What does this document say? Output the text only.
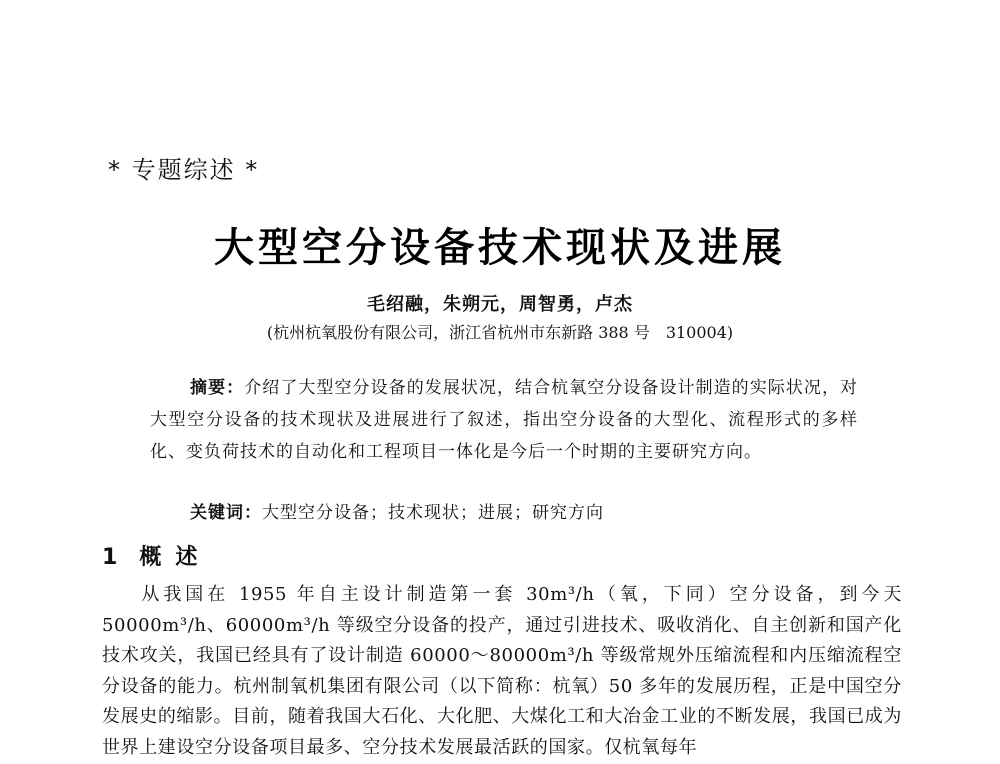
* 专题综述 *
大型空分设备技术现状及进展
毛绍融，朱朔元，周智勇，卢杰
(杭州杭氧股份有限公司，浙江省杭州市东新路 388 号　310004)
摘要：介绍了大型空分设备的发展状况，结合杭氧空分设备设计制造的实际状况，对大型空分设备的技术现状及进展进行了叙述，指出空分设备的大型化、流程形式的多样化、变负荷技术的自动化和工程项目一体化是今后一个时期的主要研究方向。
关键词：大型空分设备；技术现状；进展；研究方向
1 概述
从我国在 1955 年自主设计制造第一套 30m³/h（氧，下同）空分设备，到今天 50000m³/h、60000m³/h 等级空分设备的投产，通过引进技术、吸收消化、自主创新和国产化技术攻关，我国已经具有了设计制造 60000～80000m³/h 等级常规外压缩流程和内压缩流程空分设备的能力。杭州制氧机集团有限公司（以下简称：杭氧）50 多年的发展历程，正是中国空分发展史的缩影。目前，随着我国大石化、大化肥、大煤化工和大冶金工业的不断发展，我国已成为世界上建设空分设备项目最多、空分技术发展最活跃的国家。仅杭氧每年
